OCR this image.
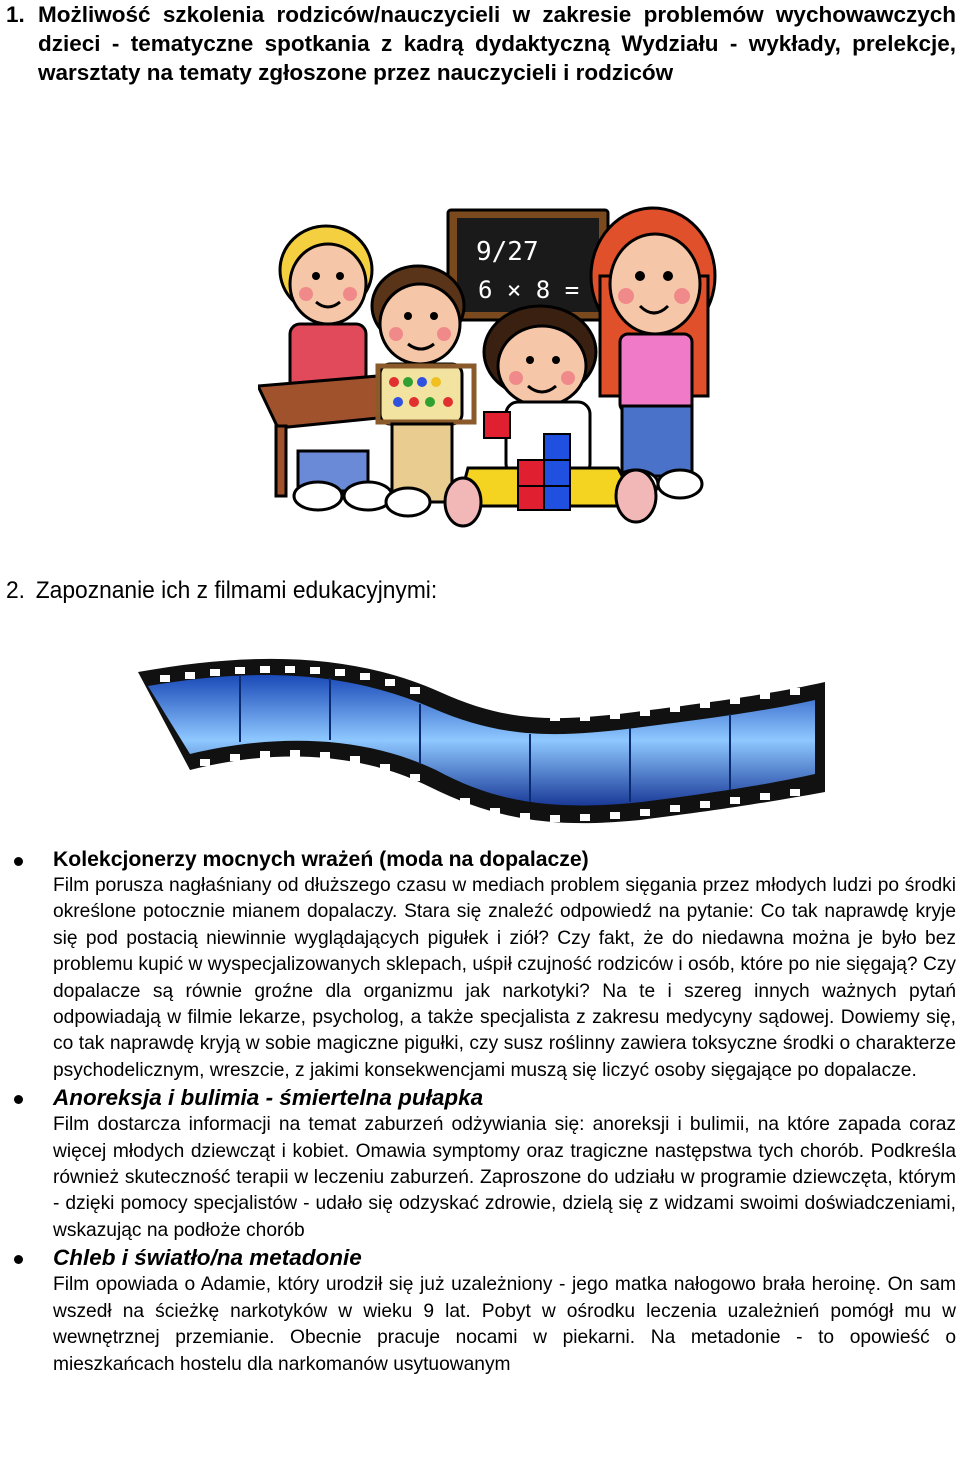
1. Możliwość szkolenia rodziców/nauczycieli w zakresie problemów wychowawczych dzieci - tematyczne spotkania z kadrą dydaktyczną Wydziału - wykłady, prelekcje, warsztaty na tematy zgłoszone przez nauczycieli i rodziców
9/27
6 × 8 =
2. Zapoznanie ich z filmami edukacyjnymi:
Kolekcjonerzy mocnych wrażeń (moda na dopalacze)
Film porusza nagłaśniany od dłuższego czasu w mediach problem sięgania przez młodych ludzi po środki określone potocznie mianem dopalaczy. Stara się znaleźć odpowiedź na pytanie: Co tak naprawdę kryje się pod postacią niewinnie wyglądających pigułek i ziół? Czy fakt, że do niedawna można je było bez problemu kupić w wyspecjalizowanych sklepach, uśpił czujność rodziców i osób, które po nie sięgają? Czy dopalacze są równie groźne dla organizmu jak narkotyki? Na te i szereg innych ważnych pytań odpowiadają w filmie lekarze, psycholog, a także specjalista z zakresu medycyny sądowej. Dowiemy się, co tak naprawdę kryją w sobie magiczne pigułki, czy susz roślinny zawiera toksyczne środki o charakterze psychodelicznym, wreszcie, z jakimi konsekwencjami muszą się liczyć osoby sięgające po dopalacze.
Anoreksja i bulimia - śmiertelna pułapka
Film dostarcza informacji na temat zaburzeń odżywiania się: anoreksji i bulimii, na które zapada coraz więcej młodych dziewcząt i kobiet. Omawia symptomy oraz tragiczne następstwa tych chorób. Podkreśla również skuteczność terapii w leczeniu zaburzeń. Zaproszone do udziału w programie dziewczęta, którym - dzięki pomocy specjalistów - udało się odzyskać zdrowie, dzielą się z widzami swoimi doświadczeniami, wskazując na podłoże chorób
Chleb i światło/na metadonie
Film opowiada o Adamie, który urodził się już uzależniony - jego matka nałogowo brała heroinę. On sam wszedł na ścieżkę narkotyków w wieku 9 lat. Pobyt w ośrodku leczenia uzależnień pomógł mu w wewnętrznej przemianie. Obecnie pracuje nocami w piekarni. Na metadonie - to opowieść o mieszkańcach hostelu dla narkomanów usytuowanym
